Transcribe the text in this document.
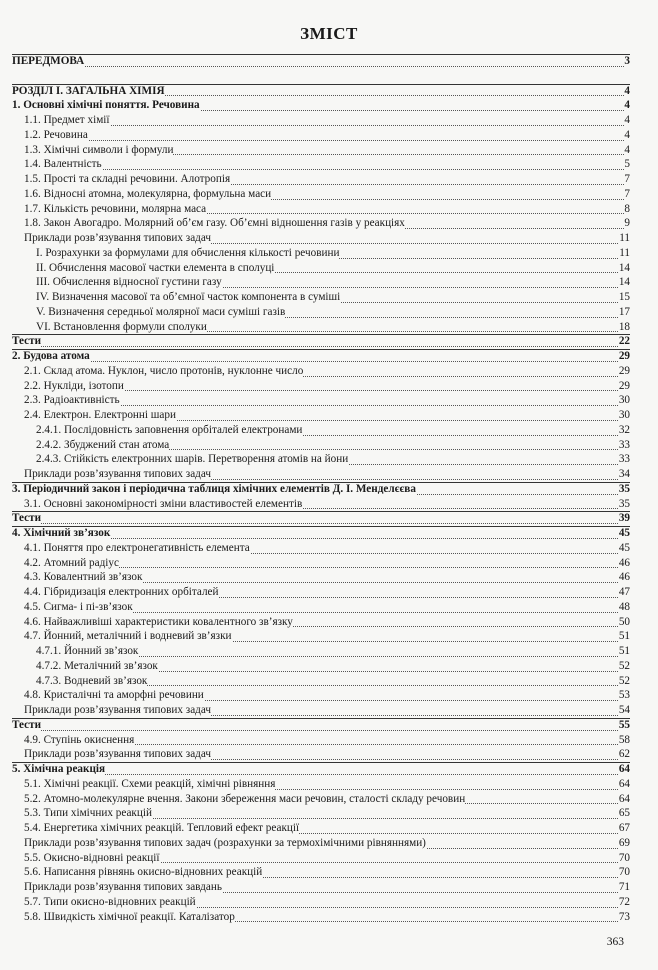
ЗМІСТ
ПЕРЕДМОВА	3
РОЗДІЛ І. ЗАГАЛЬНА ХІМІЯ	4
1. Основні хімічні поняття. Речовина	4
1.1. Предмет хімії	4
1.2. Речовина	4
1.3. Хімічні символи і формули	4
1.4. Валентність	5
1.5. Прості та складні речовини. Алотропія	7
1.6. Відносні атомна, молекулярна, формульна маси	7
1.7. Кількість речовини, молярна маса	8
1.8. Закон Авогадро. Молярний об’єм газу. Об’ємні відношення газів у реакціях	9
Приклади розв’язування типових задач	11
І. Розрахунки за формулами для обчислення кількості речовини	11
II. Обчислення масової частки елемента в сполуці	14
III. Обчислення відносної густини газу	14
IV. Визначення масової та об’ємної часток компонента в суміші	15
V. Визначення середньої молярної маси суміші газів	17
VI. Встановлення формули сполуки	18
Тести	22
2. Будова атома	29
2.1. Склад атома. Нуклон, число протонів, нуклонне число	29
2.2. Нукліди, ізотопи	29
2.3. Радіоактивність	30
2.4. Електрон. Електронні шари	30
2.4.1. Послідовність заповнення орбіталей електронами	32
2.4.2. Збуджений стан атома	33
2.4.3. Стійкість електронних шарів. Перетворення атомів на йони	33
Приклади розв’язування типових задач	34
3. Періодичний закон і періодична таблиця хімічних елементів Д. І. Менделєєва	35
3.1. Основні закономірності зміни властивостей елементів	35
Тести	39
4. Хімічний зв’язок	45
4.1. Поняття про електронегативність елемента	45
4.2. Атомний радіус	46
4.3. Ковалентний зв’язок	46
4.4. Гібридизація електронних орбіталей	47
4.5. Сигма- і пі-зв’язок	48
4.6. Найважливіші характеристики ковалентного зв’язку	50
4.7. Йонний, металічний і водневий зв’язки	51
4.7.1. Йонний зв’язок	51
4.7.2. Металічний зв’язок	52
4.7.3. Водневий зв’язок	52
4.8. Кристалічні та аморфні речовини	53
Приклади розв’язування типових задач	54
Тести	55
4.9. Ступінь окиснення	58
Приклади розв’язування типових задач	62
5. Хімічна реакція	64
5.1. Хімічні реакції. Схеми реакцій, хімічні рівняння	64
5.2. Атомно-молекулярне вчення. Закони збереження маси речовин, сталості складу речовин	64
5.3. Типи хімічних реакцій	65
5.4. Енергетика хімічних реакцій. Тепловий ефект реакції	67
Приклади розв’язування типових задач (розрахунки за термохімічними рівняннями)	69
5.5. Окисно-відновні реакції	70
5.6. Написання рівнянь окисно-відновних реакцій	70
Приклади розв’язування типових завдань	71
5.7. Типи окисно-відновних реакцій	72
5.8. Швидкість хімічної реакції. Каталізатор	73
363
